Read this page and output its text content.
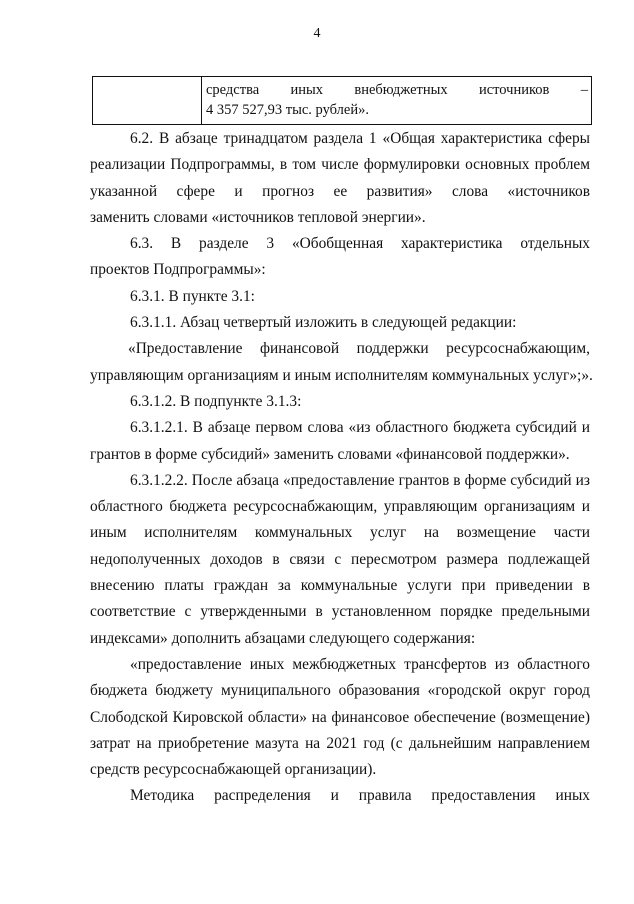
4

средства иных внебюджетных источников –
4 357 527,93 тыс. рублей».
6.2. В абзаце тринадцатом раздела 1 «Общая характеристика сферы
реализации Подпрограммы, в том числе формулировки основных проблем
указанной сфере и прогноз ее развития» слова «источников
заменить словами «источников тепловой энергии».
6.3. В разделе 3 «Обобщенная характеристика отдельных
проектов Подпрограммы»:
6.3.1. В пункте 3.1:
6.3.1.1. Абзац четвертый изложить в следующей редакции:
«Предоставление финансовой поддержки ресурсоснабжающим,
управляющим организациям и иным исполнителям коммунальных услуг»;».
6.3.1.2. В подпункте 3.1.3:
6.3.1.2.1. В абзаце первом слова «из областного бюджета субсидий и
грантов в форме субсидий» заменить словами «финансовой поддержки».
6.3.1.2.2. После абзаца «предоставление грантов в форме субсидий из
областного бюджета ресурсоснабжающим, управляющим организациям и
иным исполнителям коммунальных услуг на возмещение части
недополученных доходов в связи с пересмотром размера подлежащей
внесению платы граждан за коммунальные услуги при приведении в
соответствие с утвержденными в установленном порядке предельными
индексами» дополнить абзацами следующего содержания:
«предоставление иных межбюджетных трансфертов из областного
бюджета бюджету муниципального образования «городской округ город
Слободской Кировской области» на финансовое обеспечение (возмещение)
затрат на приобретение мазута на 2021 год (с дальнейшим направлением
средств ресурсоснабжающей организации).
Методика распределения и правила предоставления иных
